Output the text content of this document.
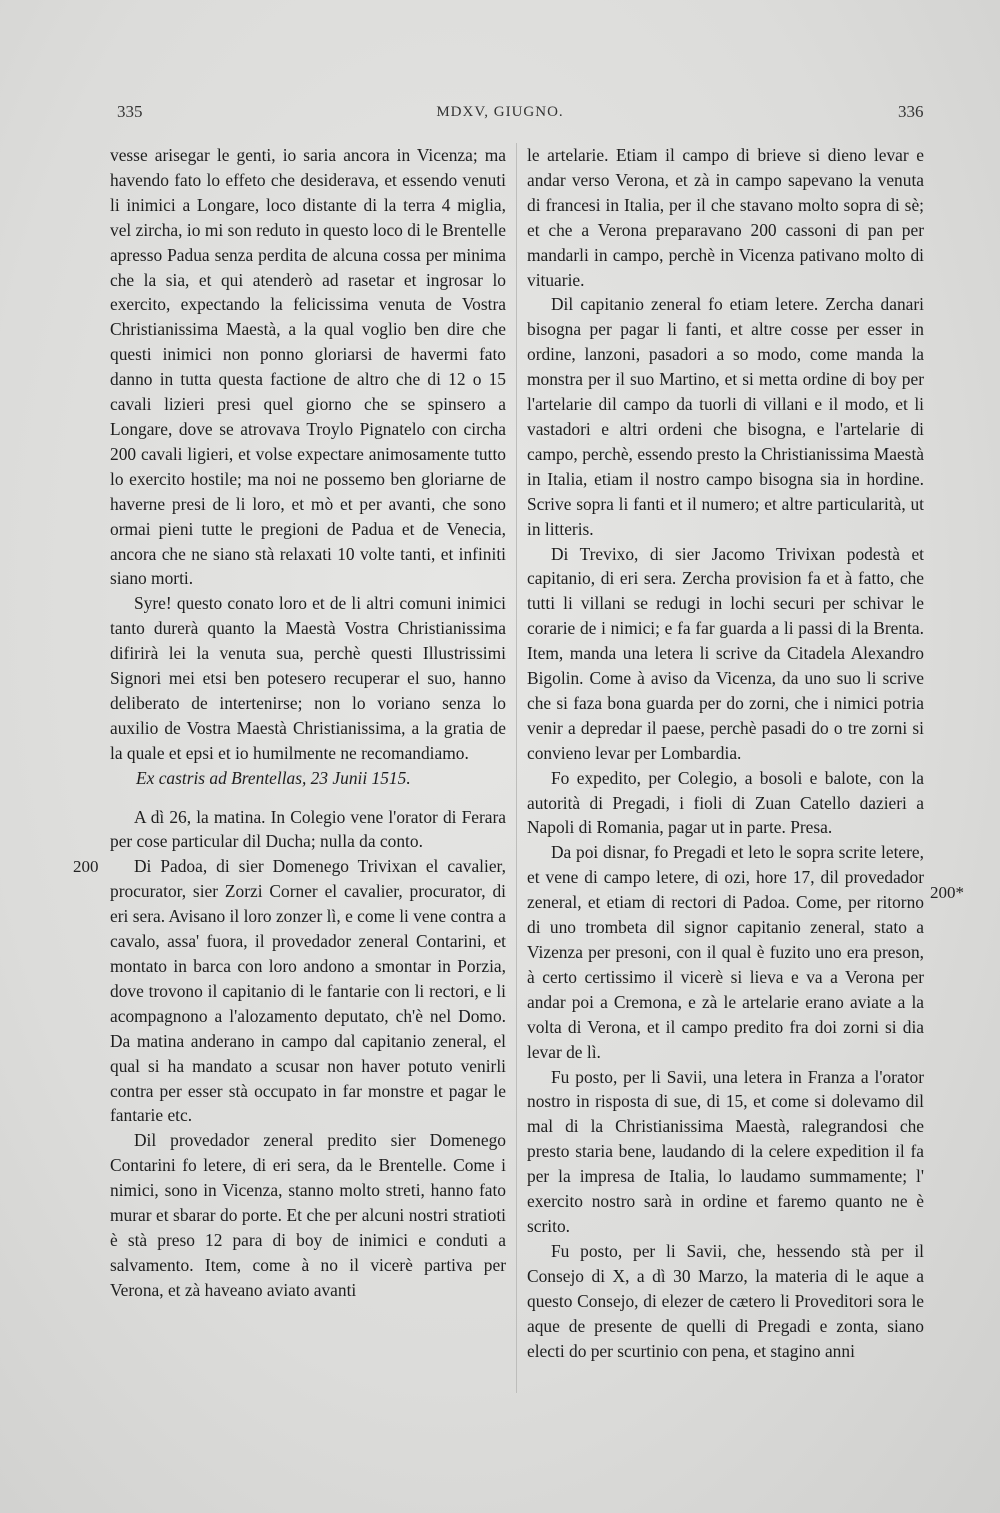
335	MDXV, GIUGNO.	336
200
200*

vesse arisegar le genti, io saria ancora in Vicenza; ma havendo fato lo effeto che desiderava, et essendo venuti li inimici a Longare, loco distante di la terra 4 miglia, vel zircha, io mi son reduto in questo loco di le Brentelle apresso Padua senza perdita de alcuna cossa per minima che la sia, et qui atenderò ad rasetar et ingrosar lo exercito, expectando la felicissima venuta de Vostra Christianissima Maestà, a la qual voglio ben dire che questi inimici non ponno gloriarsi de havermi fato danno in tutta questa factione de altro che di 12 o 15 cavali lizieri presi quel giorno che se spinsero a Longare, dove se atrovava Troylo Pignatelo con circha 200 cavali ligieri, et volse expectare animosamente tutto lo exercito hostile; ma noi ne possemo ben gloriarne de haverne presi de li loro, et mò et per avanti, che sono ormai pieni tutte le pregioni de Padua et de Venecia, ancora che ne siano stà relaxati 10 volte tanti, et infiniti siano morti.

Syre! questo conato loro et de li altri comuni inimici tanto durerà quanto la Maestà Vostra Christianissima difirirà lei la venuta sua, perchè questi Illustrissimi Signori mei etsi ben potesero recuperar el suo, hanno deliberato de intertenirse; non lo voriano senza lo auxilio de Vostra Maestà Christianissima, a la gratia de la quale et epsi et io humilmente ne recomandiamo.

Ex castris ad Brentellas, 23 Junii 1515.

A dì 26, la matina. In Colegio vene l'orator di Ferara per cose particular dil Ducha; nulla da conto.

Di Padoa, di sier Domenego Trivixan el cavalier, procurator, sier Zorzi Corner el cavalier, procurator, di eri sera. Avisano il loro zonzer lì, e come li vene contra a cavalo, assa' fuora, il provedador zeneral Contarini, et montato in barca con loro andono a smontar in Porzia, dove trovono il capitanio di le fantarie con li rectori, e li acompagnono a l'alozamento deputato, ch'è nel Domo. Da matina anderano in campo dal capitanio zeneral, el qual si ha mandato a scusar non haver potuto venirli contra per esser stà occupato in far monstre et pagar le fantarie etc.

Dil provedador zeneral predito sier Domenego Contarini fo letere, di eri sera, da le Brentelle. Come i nimici, sono in Vicenza, stanno molto streti, hanno fato murar et sbarar do porte. Et che per alcuni nostri stratioti è stà preso 12 para di boy de inimici e conduti a salvamento. Item, come à no il vicerè partiva per Verona, et zà haveano aviato avanti

le artelarie. Etiam il campo di brieve si dieno levar e andar verso Verona, et zà in campo sapevano la venuta di francesi in Italia, per il che stavano molto sopra di sè; et che a Verona preparavano 200 cassoni di pan per mandarli in campo, perchè in Vicenza pativano molto di vituarie.

Dil capitanio zeneral fo etiam letere. Zercha danari bisogna per pagar li fanti, et altre cosse per esser in ordine, lanzoni, pasadori a so modo, come manda la monstra per il suo Martino, et si metta ordine di boy per l'artelarie dil campo da tuorli di villani e il modo, et li vastadori e altri ordeni che bisogna, e l'artelarie di campo, perchè, essendo presto la Christianissima Maestà in Italia, etiam il nostro campo bisogna sia in hordine. Scrive sopra li fanti et il numero; et altre particularità, ut in litteris.

Di Trevixo, di sier Jacomo Trivixan podestà et capitanio, di eri sera. Zercha provision fa et à fatto, che tutti li villani se redugi in lochi securi per schivar le corarie de i nimici; e fa far guarda a li passi di la Brenta. Item, manda una letera li scrive da Citadela Alexandro Bigolin. Come à aviso da Vicenza, da uno suo li scrive che si faza bona guarda per do zorni, che i nimici potria venir a depredar il paese, perchè pasadi do o tre zorni si convieno levar per Lombardia.

Fo expedito, per Colegio, a bosoli e balote, con la autorità di Pregadi, i fioli di Zuan Catello dazieri a Napoli di Romania, pagar ut in parte. Presa.

Da poi disnar, fo Pregadi et leto le sopra scrite letere, et vene di campo letere, di ozi, hore 17, dil provedador zeneral, et etiam di rectori di Padoa. Come, per ritorno di uno trombeta dil signor capitanio zeneral, stato a Vizenza per presoni, con il qual è fuzito uno era preson, à certo certissimo il vicerè si lieva e va a Verona per andar poi a Cremona, e zà le artelarie erano aviate a la volta di Verona, et il campo predito fra doi zorni si dia levar de lì.

Fu posto, per li Savii, una letera in Franza a l'orator nostro in risposta di sue, di 15, et come si dolevamo dil mal di la Christianissima Maestà, ralegrandosi che presto staria bene, laudando di la celere expedition il fa per la impresa de Italia, lo laudamo summamente; l' exercito nostro sarà in ordine et faremo quanto ne è scrito.

Fu posto, per li Savii, che, hessendo stà per il Consejo di X, a dì 30 Marzo, la materia di le aque a questo Consejo, di elezer de cætero li Proveditori sora le aque de presente de quelli di Pregadi e zonta, siano electi do per scurtinio con pena, et stagino anni
